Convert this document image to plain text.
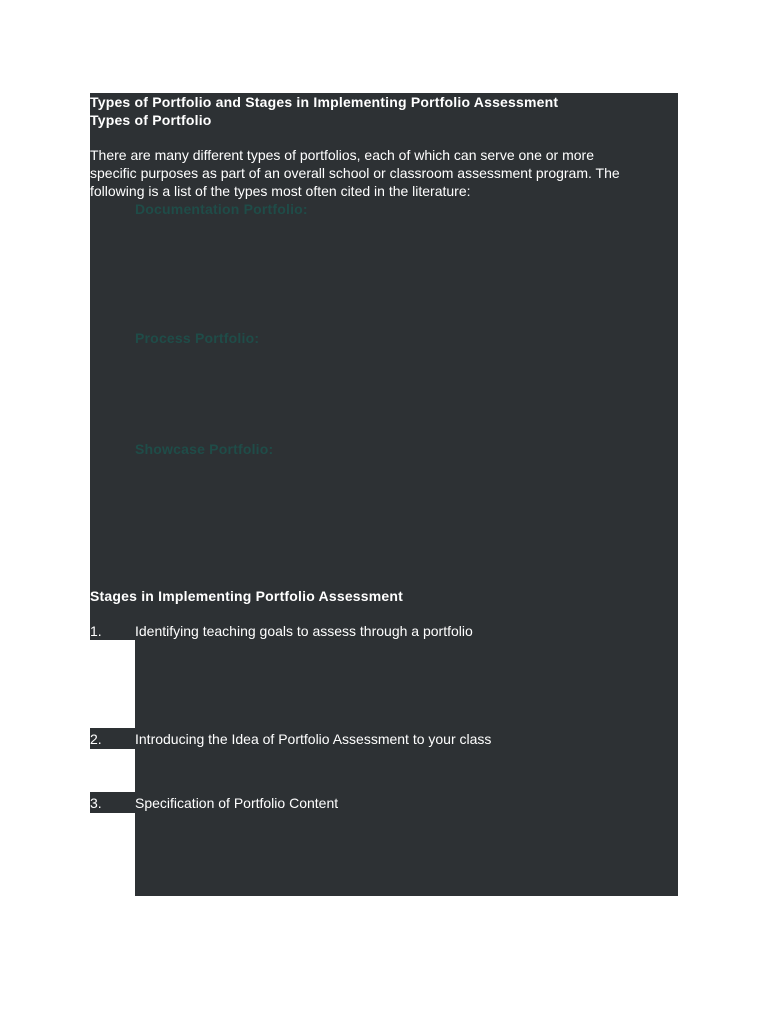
Types of Portfolio and Stages in Implementing Portfolio Assessment
Types of Portfolio
There are many different types of portfolios, each of which can serve one or more
specific purposes as part of an overall school or classroom assessment program. The
following is a list of the types most often cited in the literature:
Documentation Portfolio:
Process Portfolio:
Showcase Portfolio:
Stages in Implementing Portfolio Assessment
1. Identifying teaching goals to assess through a portfolio
2. Introducing the Idea of Portfolio Assessment to your class
3. Specification of Portfolio Content
